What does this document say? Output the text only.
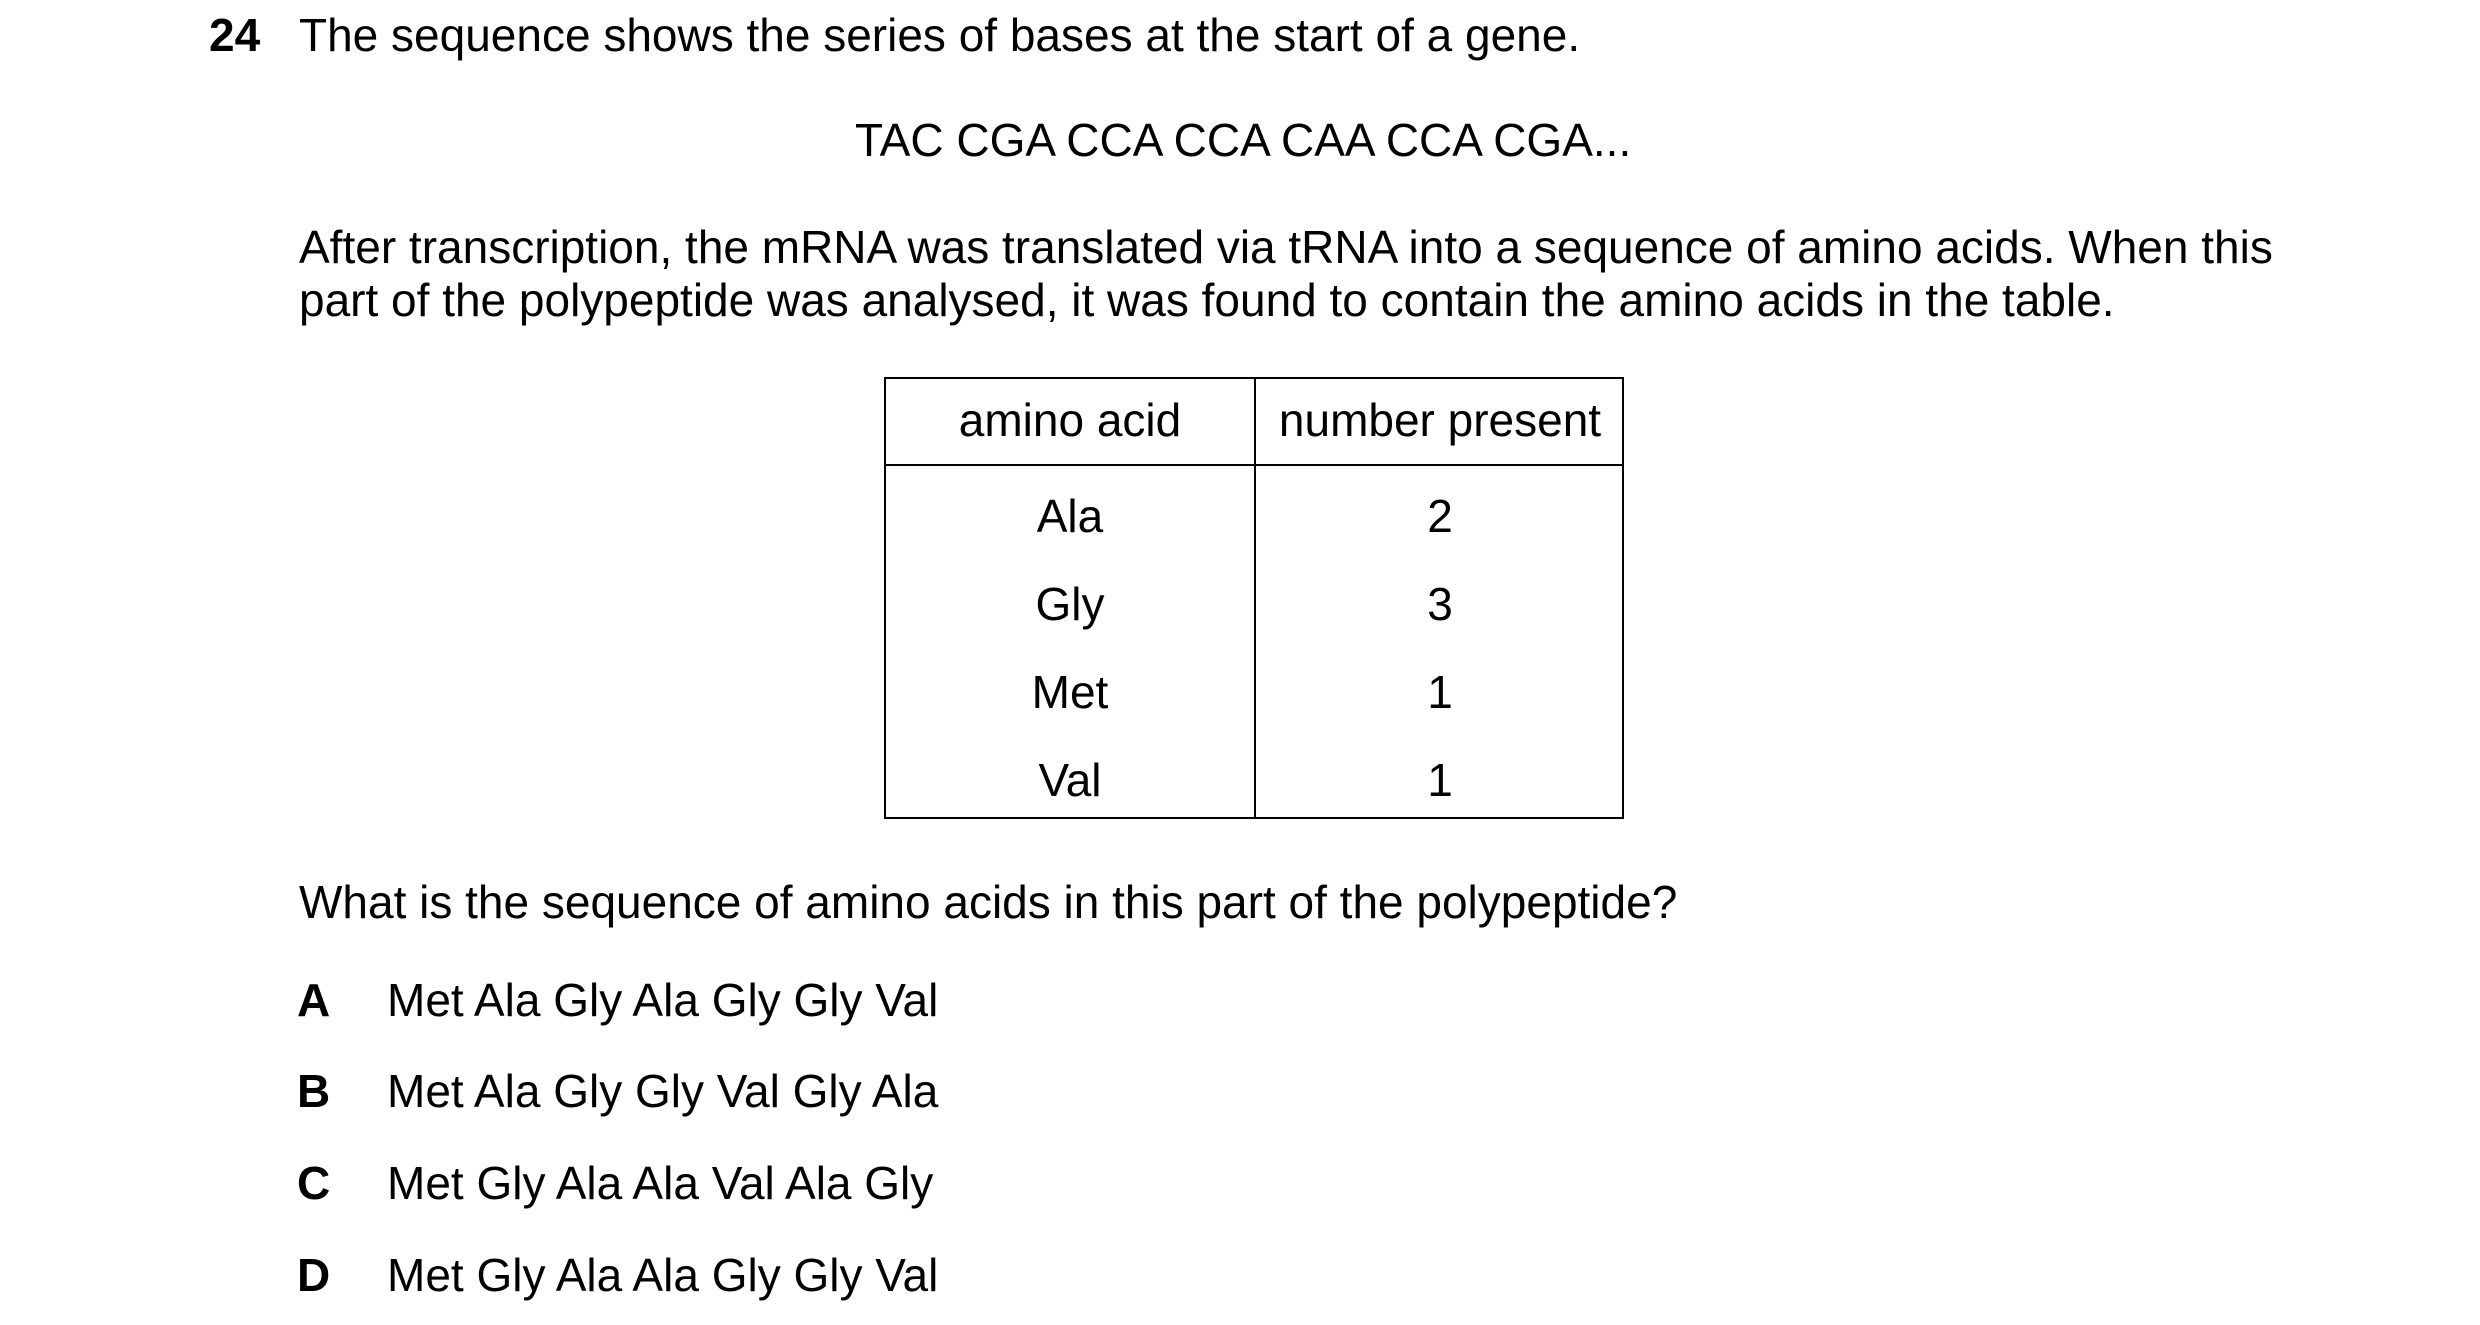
24 The sequence shows the series of bases at the start of a gene.
TAC CGA CCA CCA CAA CCA CGA...
After transcription, the mRNA was translated via tRNA into a sequence of amino acids. When this
part of the polypeptide was analysed, it was found to contain the amino acids in the table.
amino acid	number present
Ala	2
Gly	3
Met	1
Val	1
What is the sequence of amino acids in this part of the polypeptide?
A Met Ala Gly Ala Gly Gly Val
B Met Ala Gly Gly Val Gly Ala
C Met Gly Ala Ala Val Ala Gly
D Met Gly Ala Ala Gly Gly Val
